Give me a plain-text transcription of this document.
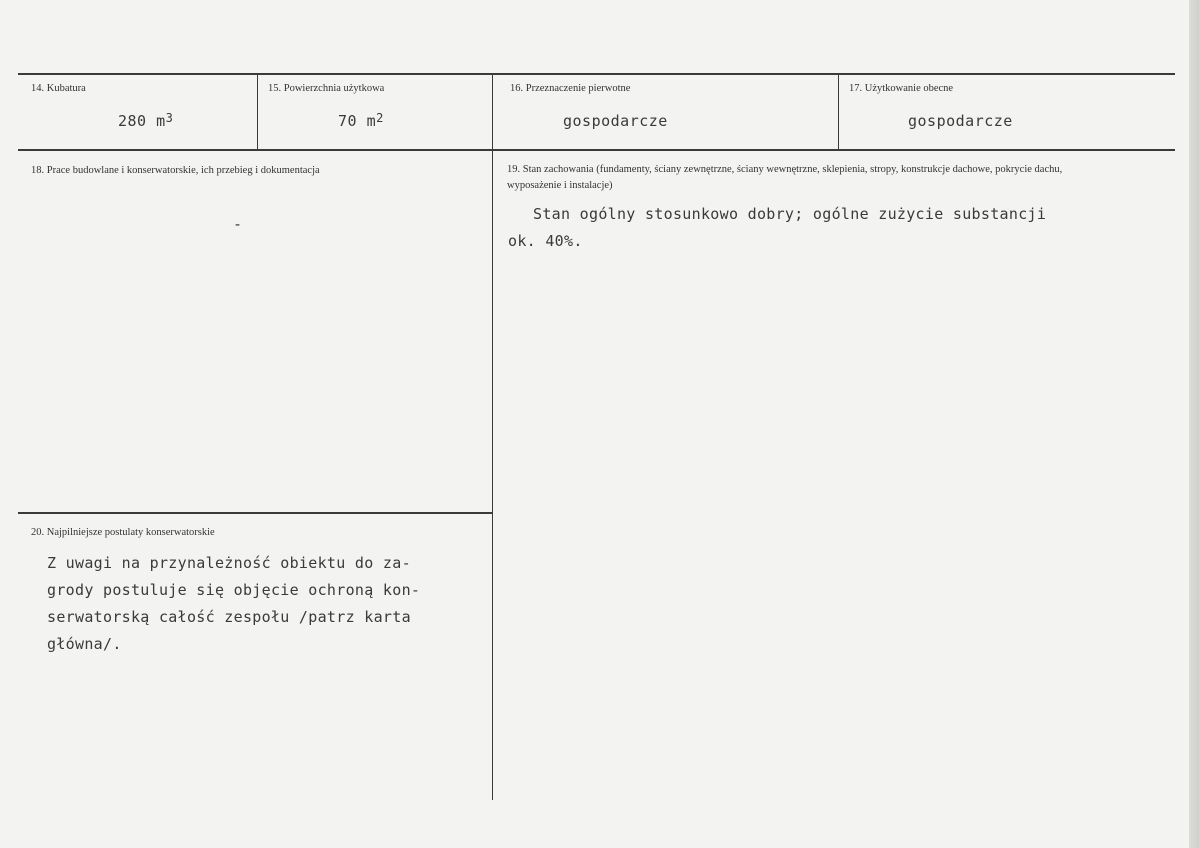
14. Kubatura
280 $m^3$
15. Powierzchnia użytkowa
70 $m^2$
16. Przeznaczenie pierwotne
gospodarcze
17. Użytkowanie obecne
gospodarcze
18. Prace budowlane i konserwatorskie, ich przebieg i dokumentacja
-
19. Stan zachowania (fundamenty, ściany zewnętrzne, ściany wewnętrzne, sklepienia, stropy, konstrukcje dachowe, pokrycie dachu, wyposażenie i instalacje)
Stan ogólny stosunkowo dobry; ogólne zużycie substancji
ok. 40%.
20. Najpilniejsze postulaty konserwatorskie
Z uwagi na przynależność obiektu do za-
grody postuluje się objęcie ochroną kon-
serwatorską całość zespołu /patrz karta
główna/.
